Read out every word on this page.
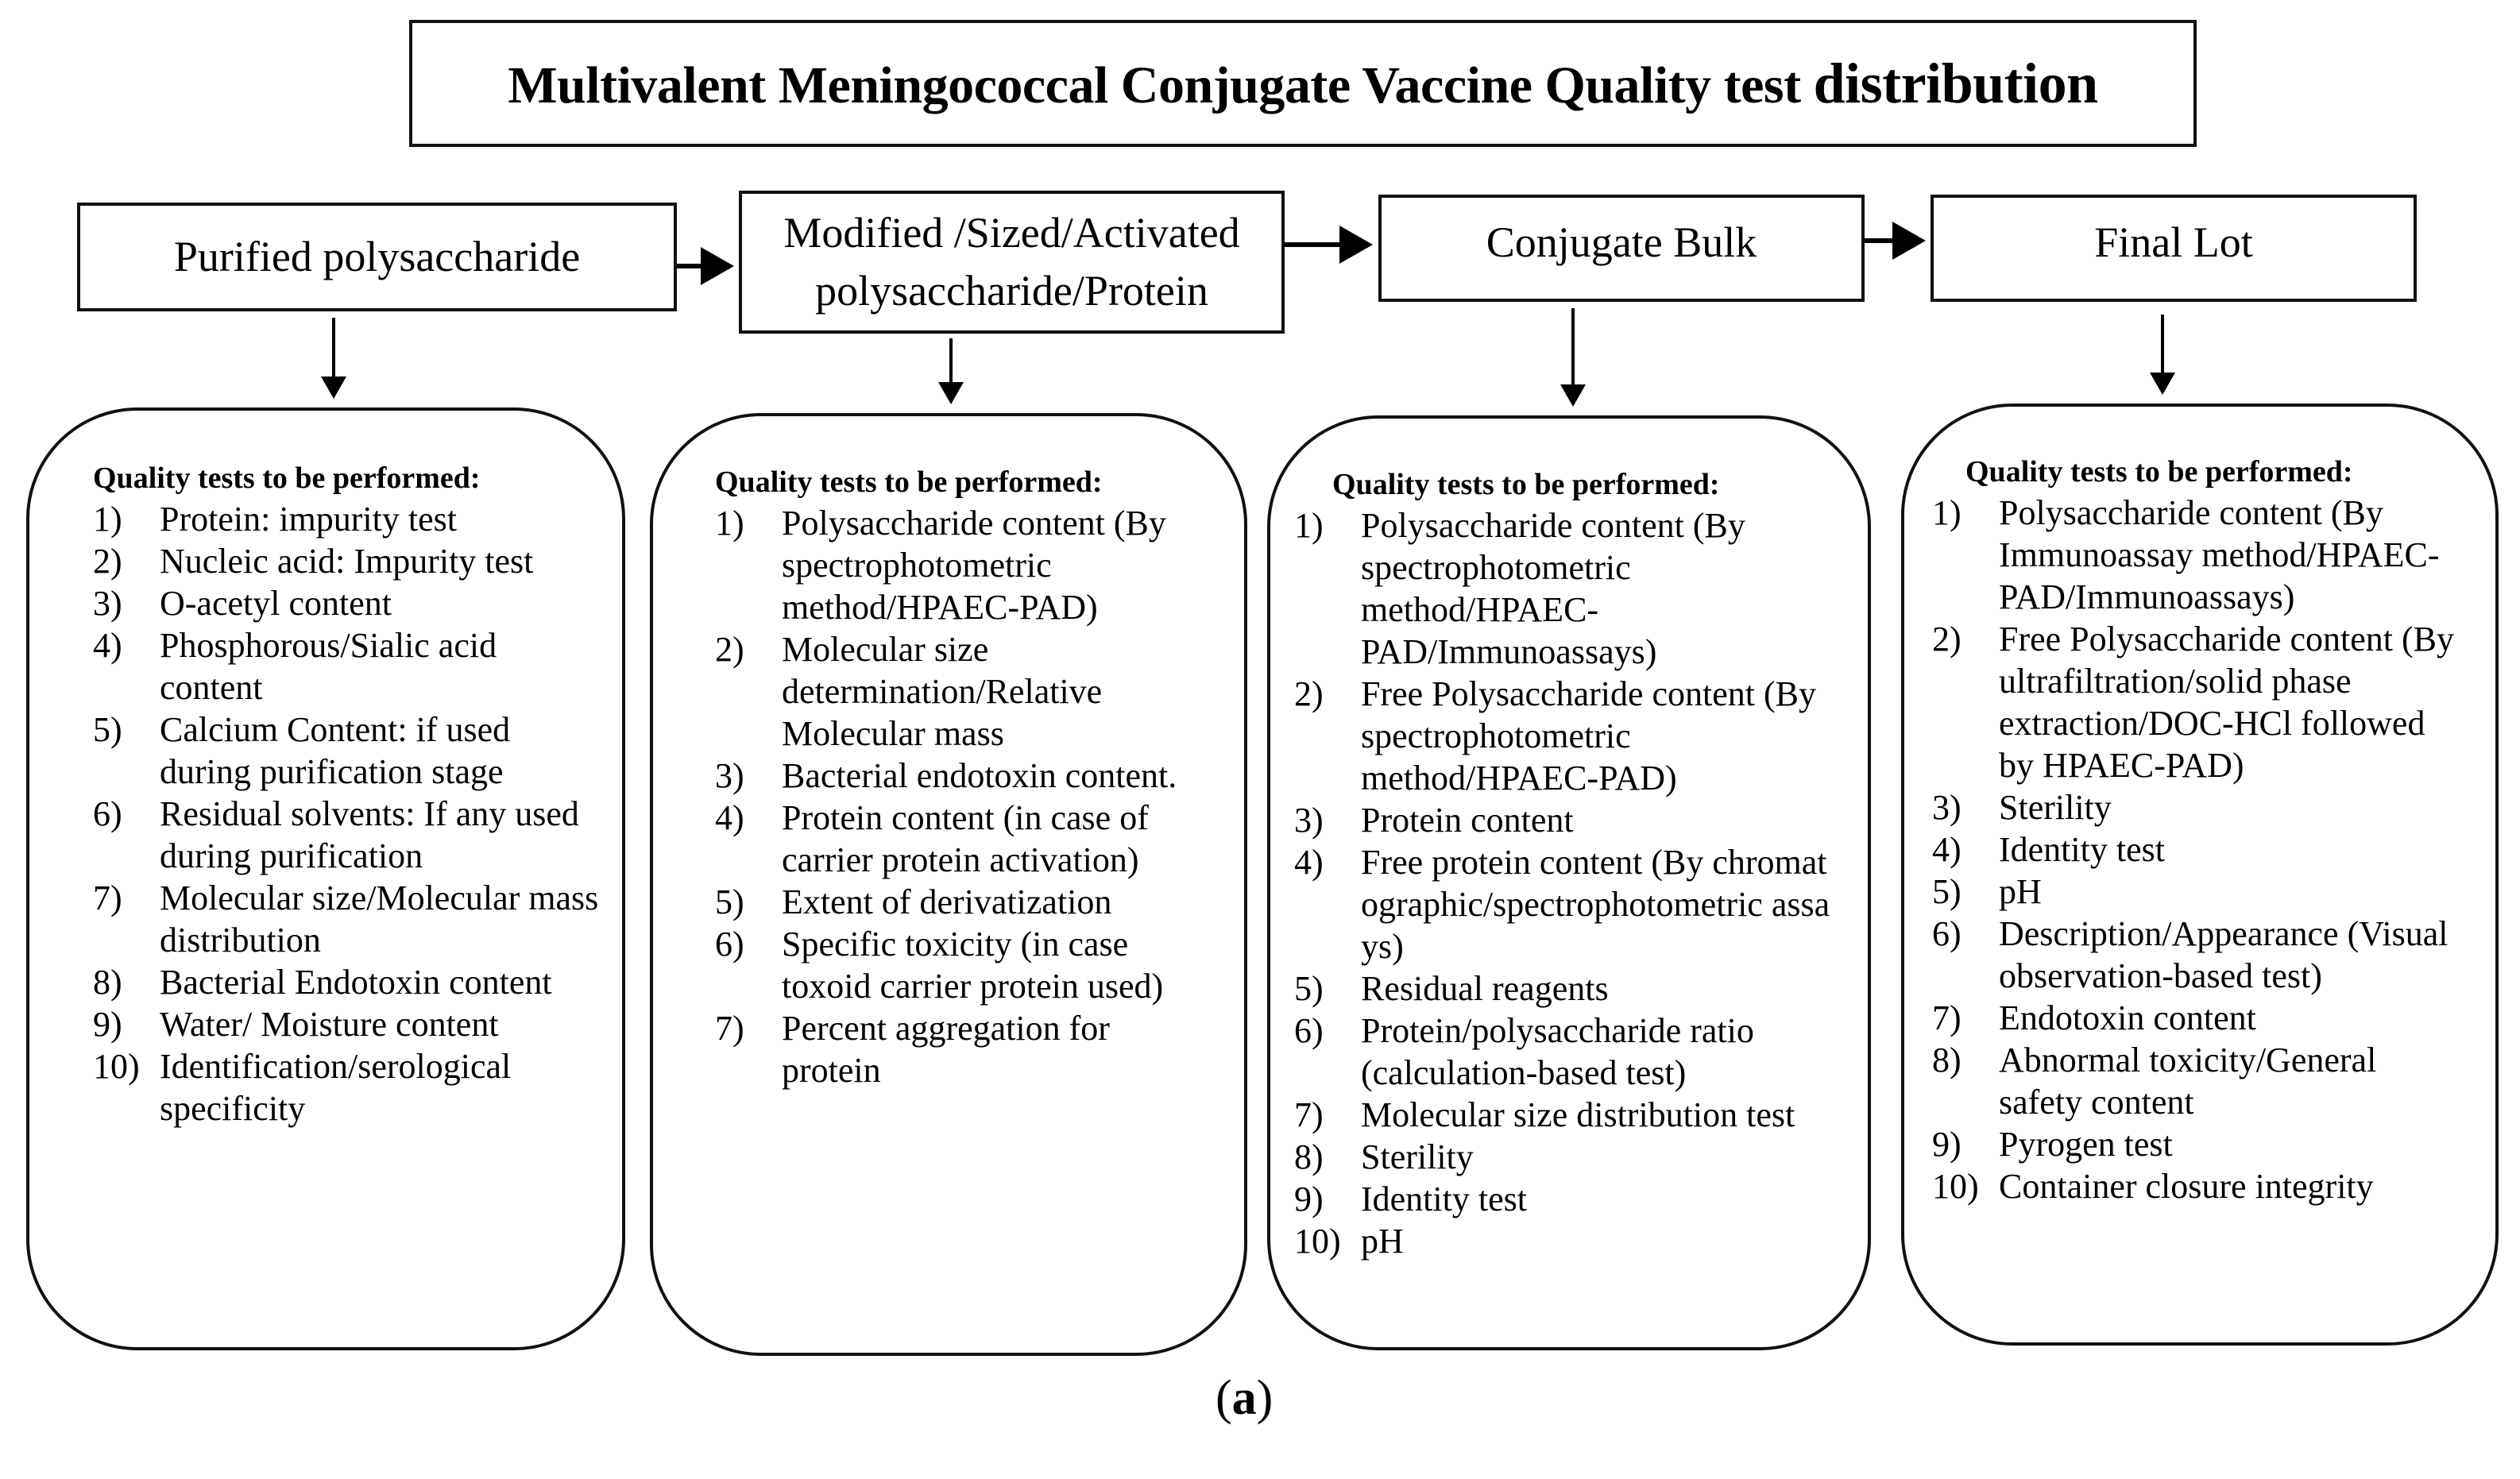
Multivalent Meningococcal Conjugate Vaccine Quality test distribution
Purified polysaccharide	Modified /Sized/Activated
polysaccharide/Protein
Conjugate Bulk	Final Lot
Quality tests to be performed:
1)	Protein: impurity test
2)	Nucleic acid: Impurity test
3)	O-acetyl content
4)	Phosphorous/Sialic acid content
5)	Calcium Content: if used during purification stage
6)	Residual solvents: If any used during purification
7)	Molecular size/Molecular mass distribution
8)	Bacterial Endotoxin content
9)	Water/ Moisture content
10) Identification/serological specificity
Quality tests to be performed:
1)	Polysaccharide content (By spectrophotometric method/HPAEC-PAD)
2)	Molecular size determination/Relative Molecular mass
3)	Bacterial endotoxin content.
4)	Protein content (in case of carrier protein activation)
5)	Extent of derivatization
6)	Specific toxicity (in case toxoid carrier protein used)
7)	Percent aggregation for protein
Quality tests to be performed:
1)	Polysaccharide content (By spectrophotometric method/HPAEC-PAD/Immunoassays)
2)	Free Polysaccharide content (By spectrophotometric method/HPAEC-PAD)
3)	Protein content
4)	Free protein content (By chromatographic/spectrophotometric assays)
5)	Residual reagents
6)	Protein/polysaccharide ratio (calculation-based test)
7)	Molecular size distribution test
8)	Sterility
9)	Identity test
10) pH
Quality tests to be performed:
1)	Polysaccharide content (By Immunoassay method/HPAEC-PAD/Immunoassays)
2)	Free Polysaccharide content (By ultrafiltration/solid phase extraction/DOC-HCl followed by HPAEC-PAD)
3)	Sterility
4)	Identity test
5)	pH
6)	Description/Appearance (Visual observation-based test)
7)	Endotoxin content
8)	Abnormal toxicity/General safety content
9)	Pyrogen test
10) Container closure integrity
(a)
